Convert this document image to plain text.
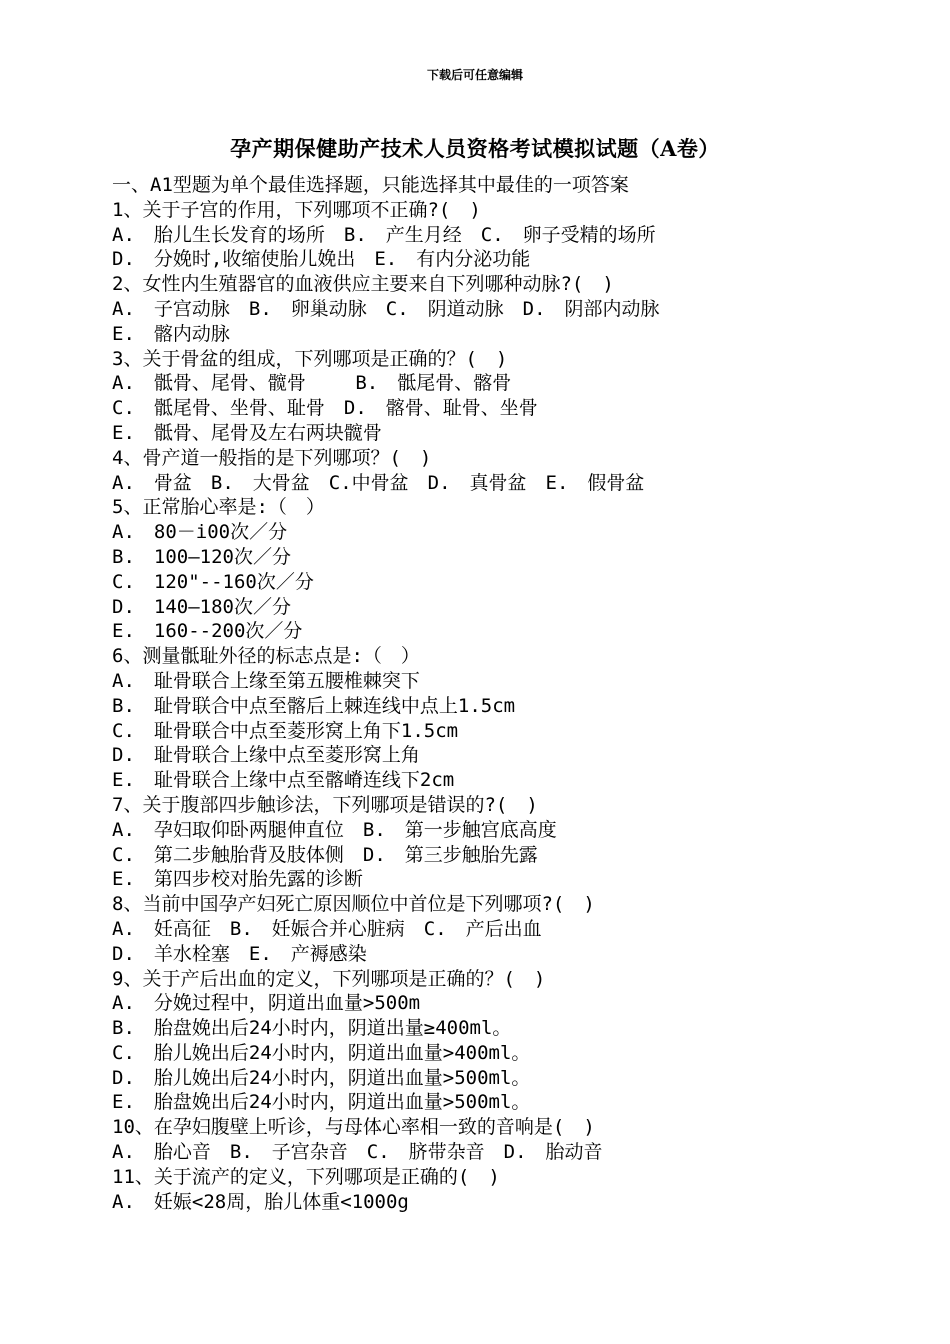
下载后可任意编辑
孕产期保健助产技术人员资格考试模拟试题（A卷）
一、A1型题为单个最佳选择题，只能选择其中最佳的一项答案
1、关于子宫的作用，下列哪项不正确?(　)
A.　胎儿生长发育的场所　B.　产生月经　C.　卵子受精的场所
D.　分娩时,收缩使胎儿娩出　E.　有内分泌功能
2、女性内生殖器官的血液供应主要来自下列哪种动脉?(　)
A.　子宫动脉　B.　卵巢动脉　C.　阴道动脉　D.　阴部内动脉
E.　髂内动脉
3、关于骨盆的组成，下列哪项是正确的？(　)
A.　骶骨、尾骨、髋骨　　 B.　骶尾骨、髂骨
C.　骶尾骨、坐骨、耻骨　D.　髂骨、耻骨、坐骨
E.　骶骨、尾骨及左右两块髋骨
4、骨产道一般指的是下列哪项？(　)
A.　骨盆　B.　大骨盆　C.中骨盆　D.　真骨盆　E.　假骨盆
5、正常胎心率是:（　）
A.　80－i00次／分
B.　100—120次／分
C.　120"--160次／分
D.　140—180次／分
E.　160--200次／分
6、测量骶耻外径的标志点是:（　）
A.　耻骨联合上缘至第五腰椎棘突下
B.　耻骨联合中点至髂后上棘连线中点上1.5cm
C.　耻骨联合中点至菱形窝上角下1.5cm
D.　耻骨联合上缘中点至菱形窝上角
E.　耻骨联合上缘中点至髂嵴连线下2cm
7、关于腹部四步触诊法，下列哪项是错误的?(　)
A.　孕妇取仰卧两腿伸直位　B.　第一步触宫底高度
C.　第二步触胎背及肢体侧　D.　第三步触胎先露
E.　第四步校对胎先露的诊断
8、当前中国孕产妇死亡原因顺位中首位是下列哪项?(　)
A.　妊高征　B.　妊娠合并心脏病　C.　产后出血
D.　羊水栓塞　E.　产褥感染
9、关于产后出血的定义，下列哪项是正确的？(　)
A.　分娩过程中，阴道出血量>500m
B.　胎盘娩出后24小时内，阴道出量≥400ml。
C.　胎儿娩出后24小时内，阴道出血量>400ml。
D.　胎儿娩出后24小时内，阴道出血量>500ml。
E.　胎盘娩出后24小时内，阴道出血量>500ml。
10、在孕妇腹壁上听诊，与母体心率相一致的音响是(　)
A.　胎心音　B.　子宫杂音　C.　脐带杂音　D.　胎动音
11、关于流产的定义，下列哪项是正确的(　)
A.　妊娠<28周，胎儿体重<1000g
